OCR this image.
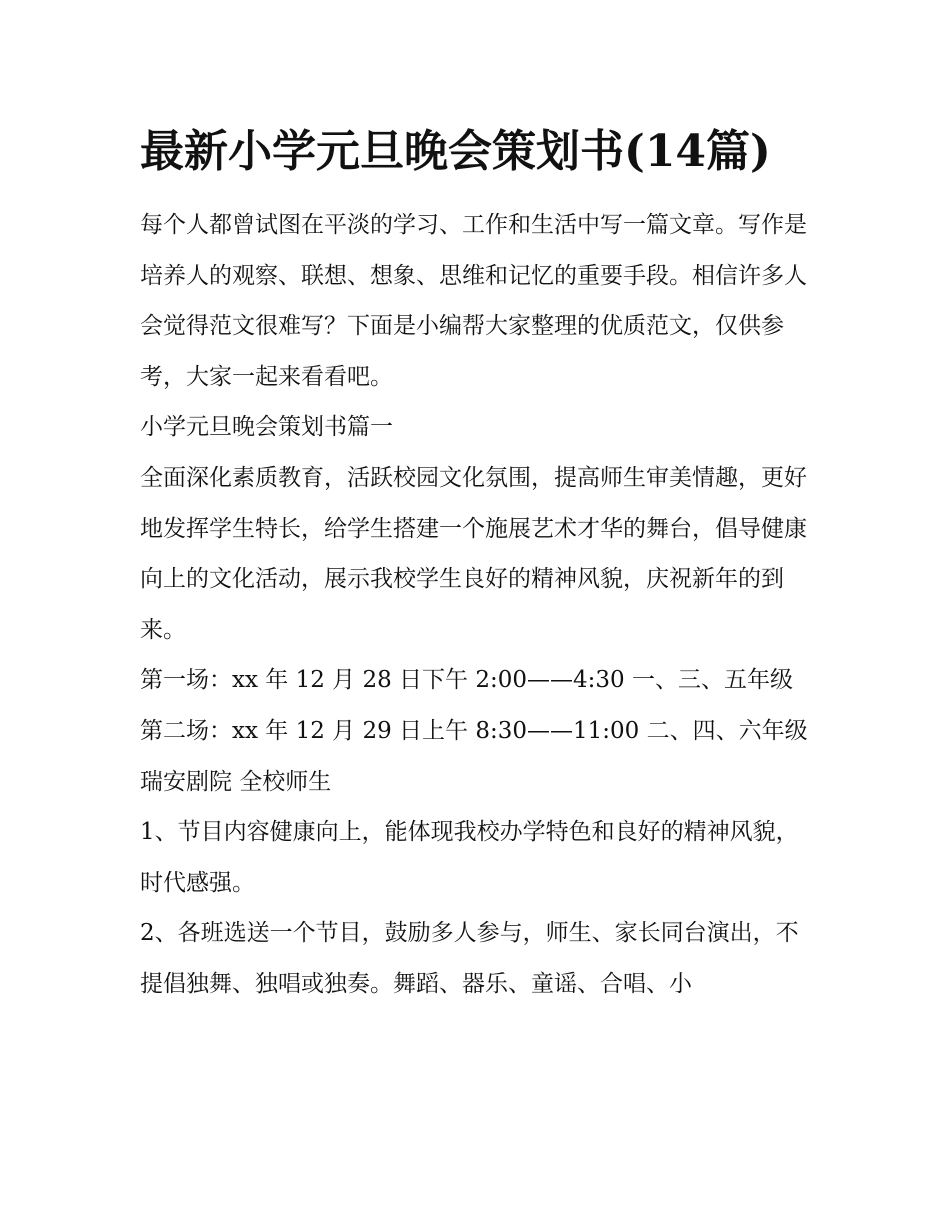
最新小学元旦晚会策划书(14篇)

每个人都曾试图在平淡的学习、工作和生活中写一篇文章。写作是培养人的观察、联想、想象、思维和记忆的重要手段。相信许多人会觉得范文很难写？下面是小编帮大家整理的优质范文，仅供参考，大家一起来看看吧。

小学元旦晚会策划书篇一

全面深化素质教育，活跃校园文化氛围，提高师生审美情趣，更好地发挥学生特长，给学生搭建一个施展艺术才华的舞台，倡导健康向上的文化活动，展示我校学生良好的精神风貌，庆祝新年的到来。

第一场：xx 年 12 月 28 日下午 2:00——4:30 一、三、五年级 第二场：xx 年 12 月 29 日上午 8:30——11:00 二、四、六年级 瑞安剧院 全校师生

1、节目内容健康向上，能体现我校办学特色和良好的精神风貌，时代感强。

2、各班选送一个节目，鼓励多人参与，师生、家长同台演出，不提倡独舞、独唱或独奏。舞蹈、器乐、童谣、合唱、小
